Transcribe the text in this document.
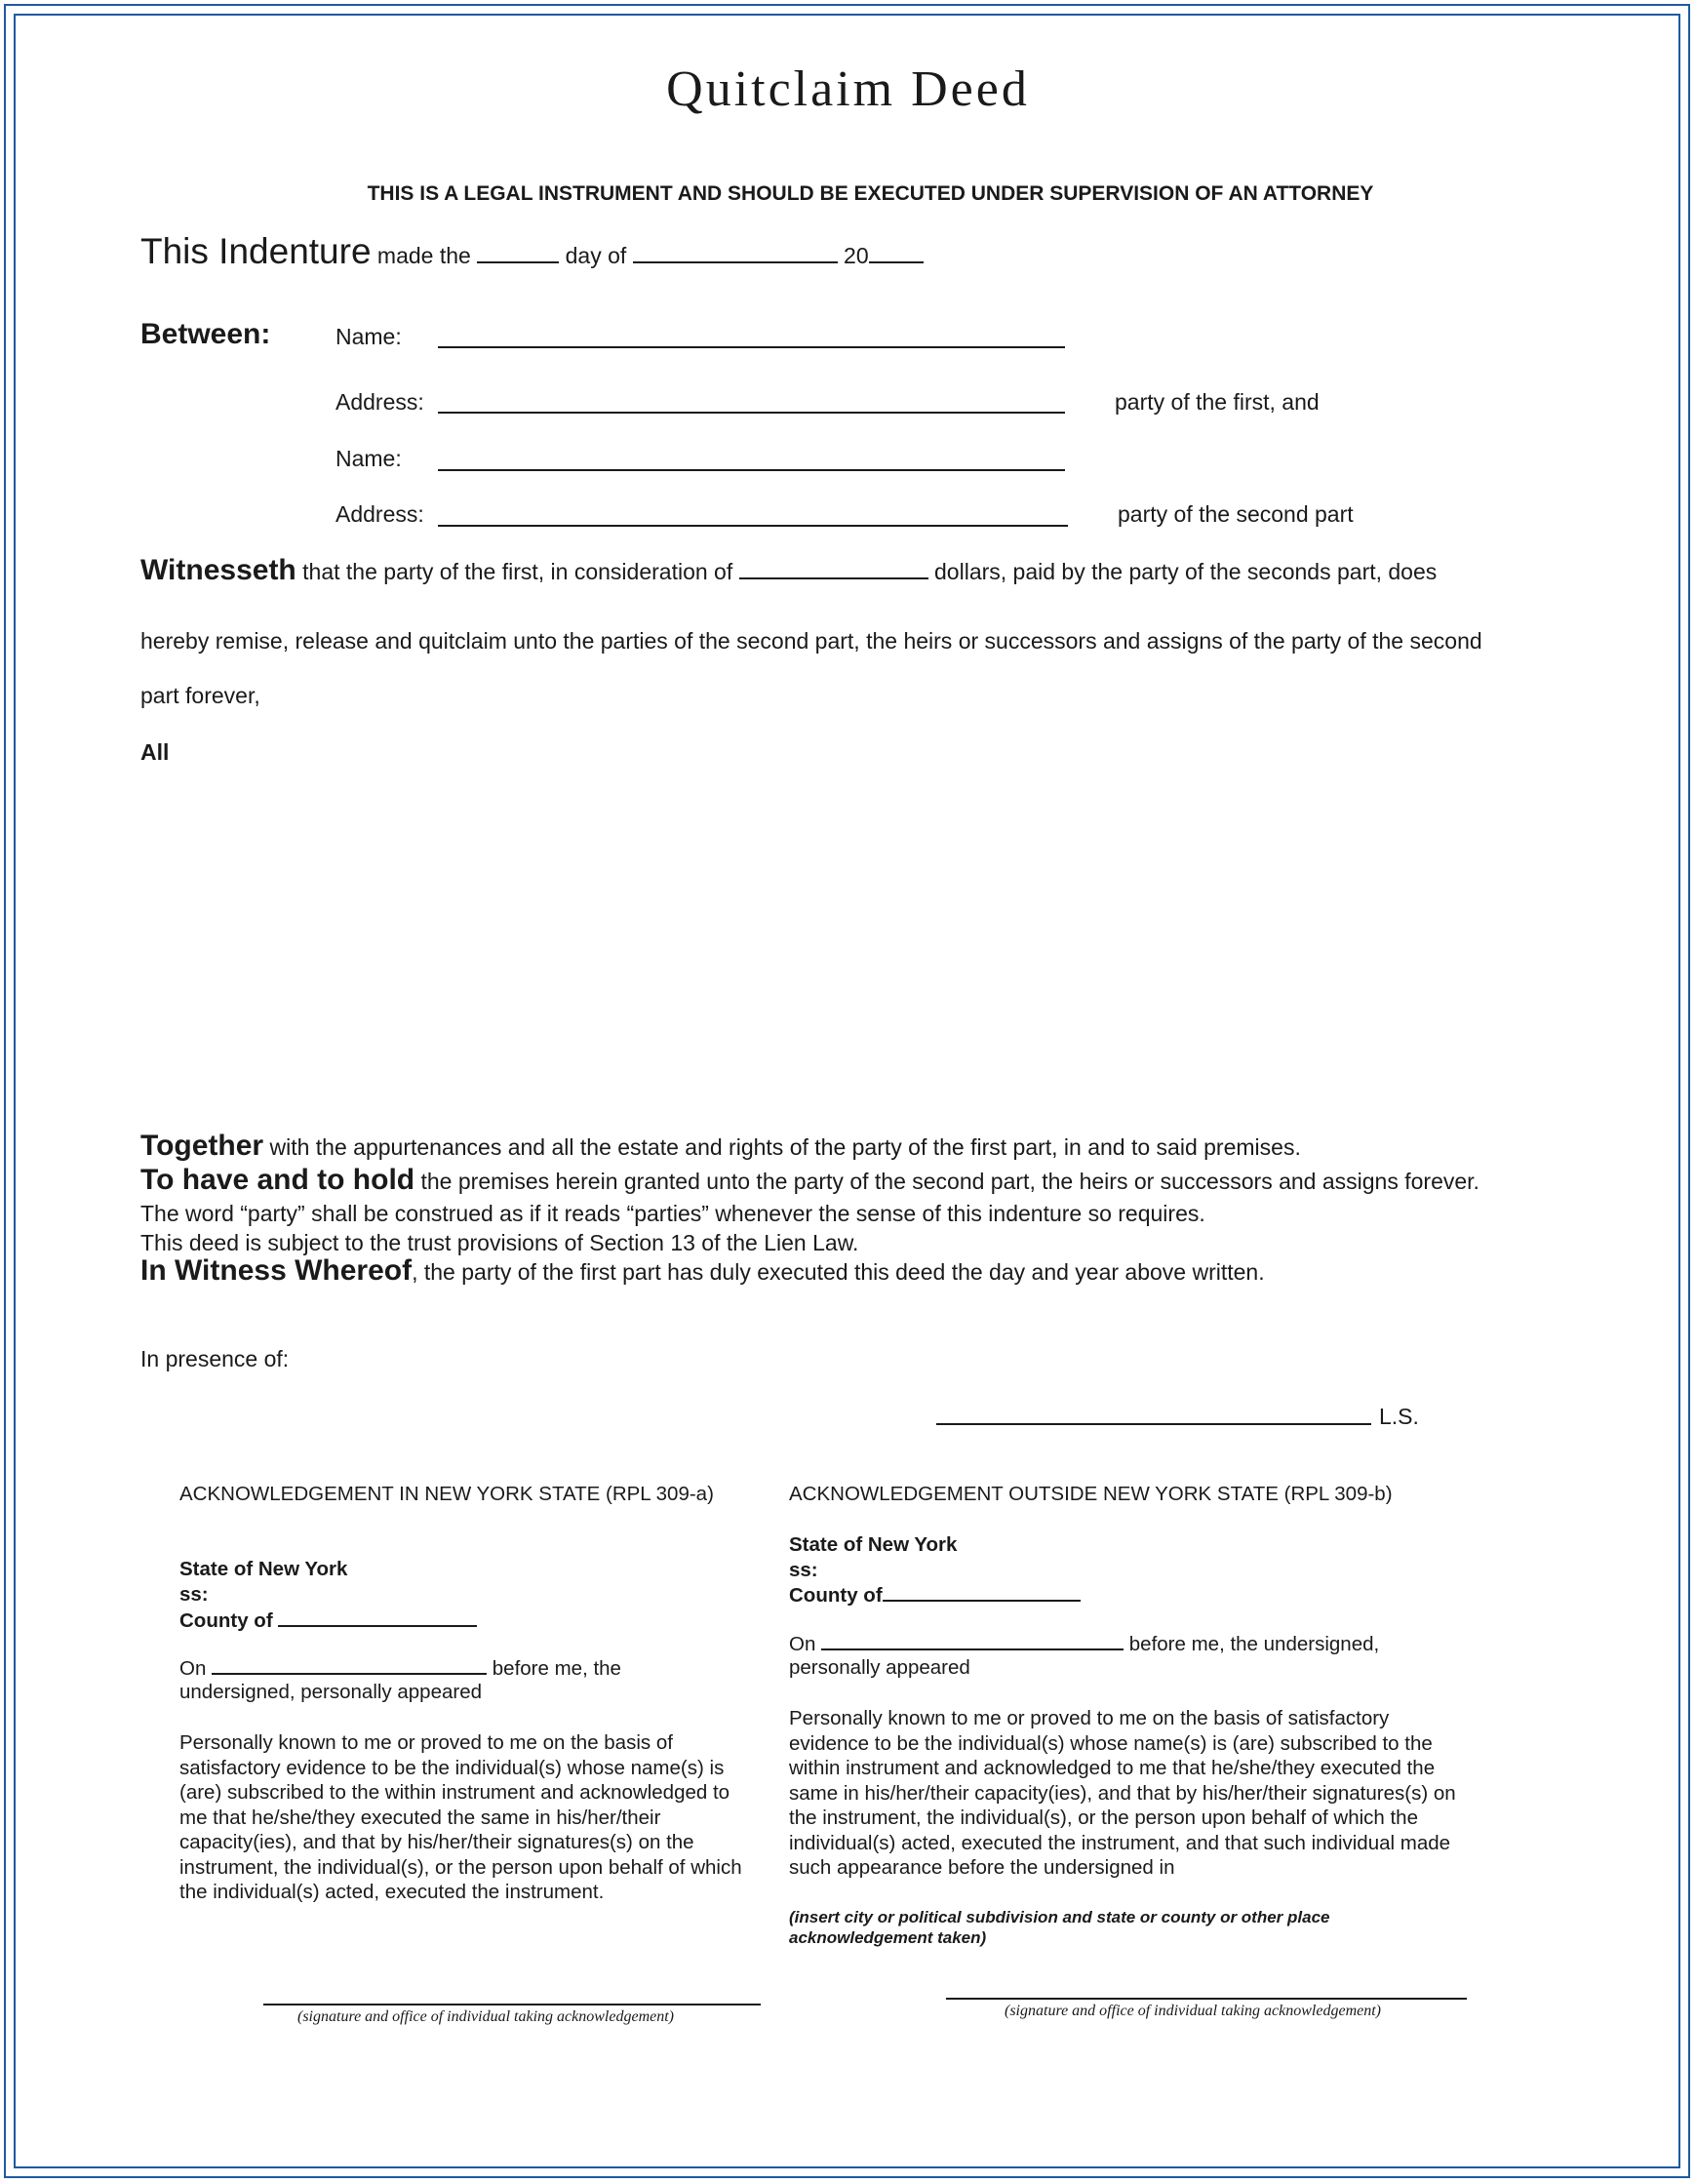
Quitclaim Deed
THIS IS A LEGAL INSTRUMENT AND SHOULD BE EXECUTED UNDER SUPERVISION OF AN ATTORNEY
This Indenture made the	day of	20
Between:	Name:
Address:	party of the first, and
Name:
Address:	party of the second part
Witnesseth that the party of the first, in consideration of	dollars, paid by the party of the seconds part, does
hereby remise, release and quitclaim unto the parties of the second part, the heirs or successors and assigns of the party of the second
part forever,
All
Together with the appurtenances and all the estate and rights of the party of the first part, in and to said premises.
To have and to hold the premises herein granted unto the party of the second part, the heirs or successors and assigns forever.
The word “party” shall be construed as if it reads “parties” whenever the sense of this indenture so requires.
This deed is subject to the trust provisions of Section 13 of the Lien Law.
In Witness Whereof, the party of the first part has duly executed this deed the day and year above written.
In presence of:
L.S.
ACKNOWLEDGEMENT IN NEW YORK STATE (RPL 309-a)
State of New York
ss:
County of
On	before me, the
undersigned, personally appeared
Personally known to me or proved to me on the basis of satisfactory evidence to be the individual(s) whose name(s) is (are) subscribed to the within instrument and acknowledged to me that he/she/they executed the same in his/her/their capacity(ies), and that by his/her/their signatures(s) on the instrument, the individual(s), or the person upon behalf of which the individual(s) acted, executed the instrument.
(signature and office of individual taking acknowledgement)
ACKNOWLEDGEMENT OUTSIDE NEW YORK STATE (RPL 309-b)
State of New York
ss:
County of
On	before me, the undersigned,
personally appeared
Personally known to me or proved to me on the basis of satisfactory evidence to be the individual(s) whose name(s) is (are) subscribed to the within instrument and acknowledged to me that he/she/they executed the same in his/her/their capacity(ies), and that by his/her/their signatures(s) on the instrument, the individual(s), or the person upon behalf of which the individual(s) acted, executed the instrument, and that such individual made such appearance before the undersigned in
(insert city or political subdivision and state or county or other place acknowledgement taken)
(signature and office of individual taking acknowledgement)
